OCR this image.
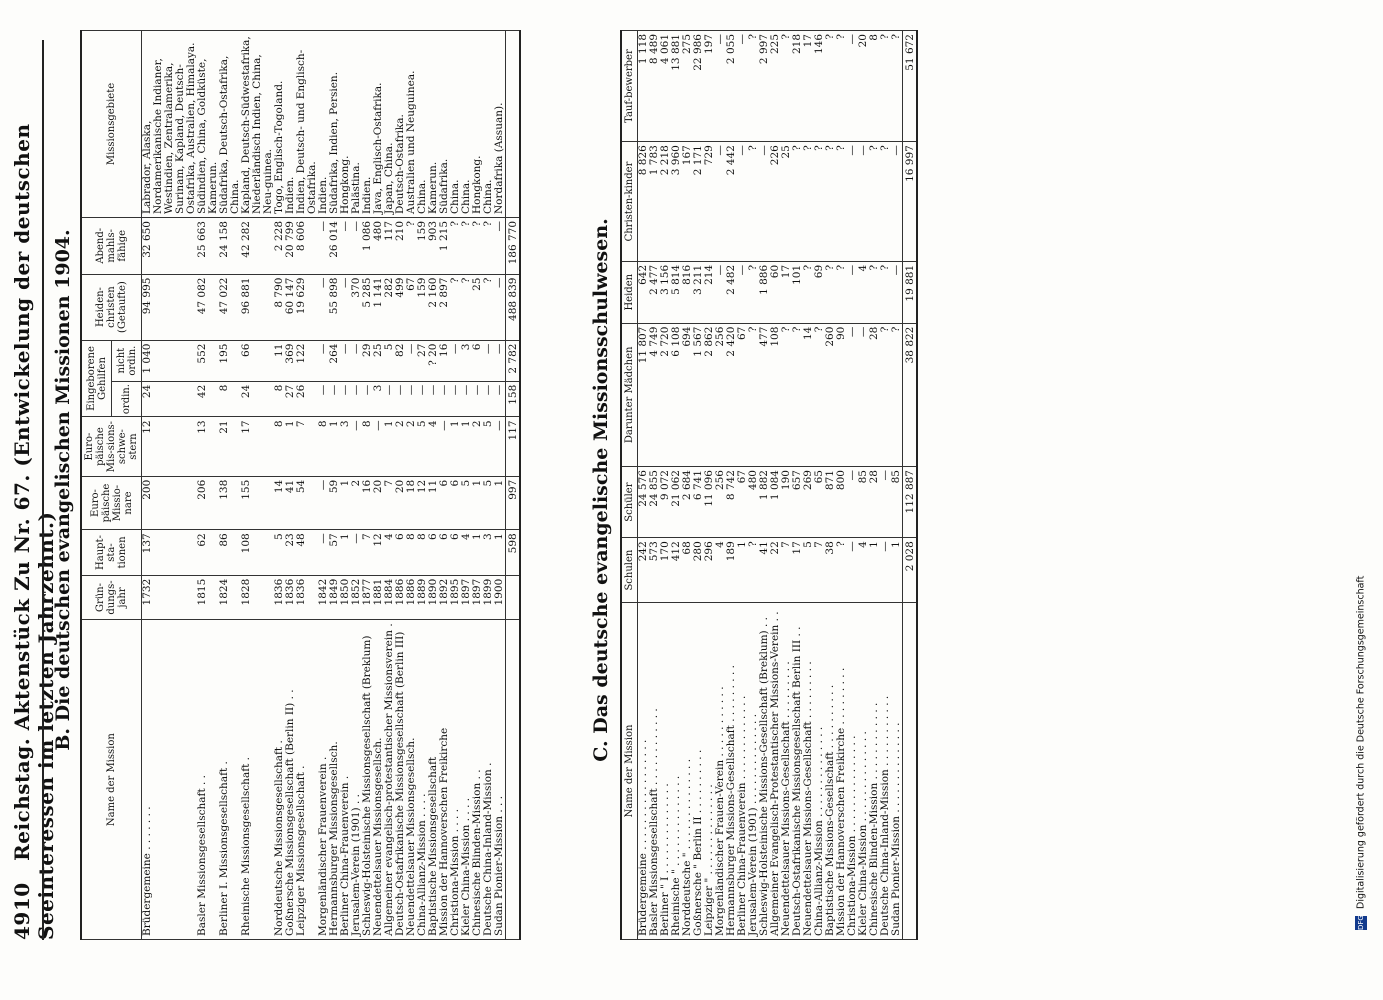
4910 Reichstag. Aktenstück Zu Nr. 67. (Entwickelung der deutschen Seeinteressen im letzten Jahrzehnt.)
B. Die deutschen evangelischen Missionen 1904.
Name der Mission	Grün-dungs-jahr	Haupt-sta-tionen	Euro-päische Missio-nare	Euro-päische Mis-sions-schwe-stern	Eingeborene Gehilfen		Heiden-christen (Getaufte)	Abend-mahls-fähige	Missionsgebiete
					ordin.	nicht ordin.			
Brüdergemeine . . . . . . .	1732	137	200	12	24	1 040	94 995	32 650	Labrador, Alaska, Nordamerikanische Indianer, Westindien, Zentralamerika, Surinam, Kapland, Deutsch-Ostafrika, Australien, Himalaya.
Basler Missionsgesellschaft . .	1815	62	206	13	42	552	47 082	25 663	Südindien, China, Goldküste, Kamerun.
Berliner I. Missionsgesellschaft .	1824	86	138	21	8	195	47 022	24 158	Südafrika, Deutsch-Ostafrika, China.
Rheinische Missionsgesellschaft .	1828	108	155	17	24	66	96 881	42 282	Kapland, Deutsch-Südwestafrika, Niederländisch Indien, China, Neu-guinea.
Norddeutsche Missionsgesellschaft .	1836	5	14	8	8	11	8 790	2 228	Togo, Englisch-Togoland.
Goßnersche Missionsgesellschaft (Berlin II) . .	1836	23	41	1	27	369	60 147	20 799	Indien.
Leipziger Missionsgesellschaft .	1836	48	54	7	26	122	19 629	8 606	Indien, Deutsch- und Englisch-Ostafrika.
Morgenländischer Frauenverein .	1842	—	—	8	—	—	—	—	Indien.
Hermannsburger Missionsgesellsch.	1849	57	59	1	—	264	55 898	26 014	Südafrika, Indien, Persien.
Berliner China-Frauenverein .	1850	1	1	3	—	—	—	—	Hongkong.
Jerusalem-Verein (1901) . .	1852	—	2	—	—	—	370	—	Palästina.
Schleswig-Holsteinische Missionsgesellschaft (Breklum)	1877	7	16	8	—	29	5 285	1 086	Indien.
Neuendettelsauer Missionsgesellsch.	1881	12	20	—	3	25	1 141	480	Java, Englisch-Ostafrika.
Allgemeiner evangelisch-protestantischer Missionsverein .	1884	4	7	1	—	5	282	117	Japan, China.
Deutsch-Ostafrikanische Missionsgesellschaft (Berlin III)	1886	6	20	2	—	82	499	210	Deutsch-Ostafrika.
Neuendettelsauer Missionsgesellsch.	1886	8	18	2	—	—	67	?	Australien und Neuguinea.
China-Allianz-Mission . . . .	1889	8	12	5	—	27	159	159	China.
Baptistische Missionsgesellschaft	1890	6	11	4	—	? 20	2 160	903	Kamerun.
Mission der Hannoverschen Freikirche	1892	6	6	—	—	16	2 897	1 215	Südafrika.
Christiona-Mission . . . .	1895	6	6	1	—	—	?	?	China.
Kieler China-Mission . . . .	1897	4	5	1	—	3	?	?	China.
Chinesische Blinden-Mission . .	1897	1	1	2	—	6	25	?	Hongkong.
Deutsche China-Inland-Mission .	1899	3	5	5	—	—	?	?	China.
Sudan Pionier-Mission . . .	1900	1	1	—	—	—	—	—	Nordafrika (Assuan).
		598	997	117	158	2 782	488 839	186 770		C. Das deutsche evangelische Missionsschulwesen.
Name der Mission	Schulen	Schüler	Darunter Mädchen	Heiden	Christen-kinder	Tauf-bewerber
Brüdergemeine . . . . . . . . . . . . . . . . .	242	24 576	11 807	642	8 826	1 118
Basler Missionsgesellschaft . . . . . . . . . . . .	573	24 855	4 749	2 477	1 783	8 489
Berliner " I . . . . . . . . . . . . . .	170	9 072	2 720	3 156	2 218	4 061
Rheinische " . . . . . . . . . . . . . .	412	21 062	6 108	5 814	3 960	13 881
Norddeutsche " . . . . . . . . . . . . . .	68	2 684	694	816	167	275
Goßnersche " Berlin II . . . . . . . . . .	280	6 741	1 567	3 211	2 171	22 986
Leipziger " . . . . . . . . . . . . . .	296	11 096	2 862	214	729	197
Morgenländischer Frauen-Verein . . . . . . . . . . .	4	256	256	—	—	—
Hermannsburger Missions-Gesellschaft . . . . . . . . .	189	8 742	2 420	2 482	2 442	2 055
Berliner China-Frauenverein . . . . . . . . . . . . .	1	67	67	—	—	—
Jerusalem-Verein (1901) . . . . . . . . . . . . . .	?	480	?	?	?	?
Schleswig-Holsteinische Missions-Gesellschaft (Breklum) . .	41	1 882	477	1 886	—	2 997
Allgemeiner Evangelisch-Protestantischer Missions-Verein . .	22	1 084	108	60	226	225
Neuendettelsauer Missions-Gesellschaft . . . . . . . . .	7	190	?	17	25	?
Deutsch-Ostafrikanische Missionsgesellschaft Berlin III . .	17	657	?	101	?	218
Neuendettelsauer Missions-Gesellschaft . . . . . . . . .	5	269	14	?	?	17
China-Allianz-Mission . . . . . . . . . . . . . .	7	65	?	69	?	146
Baptistische Missions-Gesellschaft . . . . . . . . . .	38	871	260	?	?	?
Mission der Hannoverschen Freikirche . . . . . . . . .	?	800	90	?	?	?
Christiona-Mission . . . . . . . . . . . . . . .	—	—	—	—	—	—
Kieler China-Mission . . . . . . . . . . . . . .	4	85	—	4	—	20
Chinesische Blinden-Mission . . . . . . . . . . . .	1	28	28	?	?	8
Deutsche China-Inland-Mission . . . . . . . . . . .	—	—	?	?	?	?
Sudan Pionier-Mission . . . . . . . . . . . . . .	1	85	?	—	—	?
	2 028	112 887	38 822	19 881	16 997	51 672
DFG Digitalisierung gefördert durch die Deutsche Forschungsgemeinschaft
